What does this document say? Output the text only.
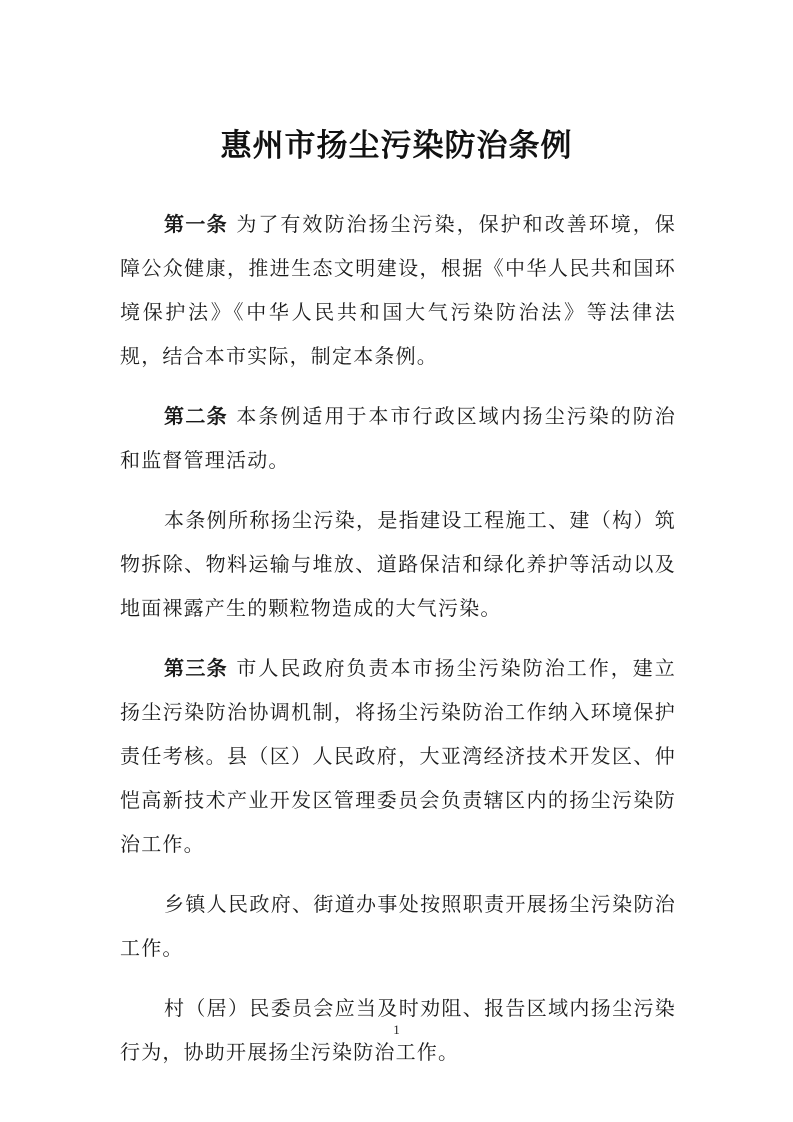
惠州市扬尘污染防治条例

第一条 为了有效防治扬尘污染，保护和改善环境，保障公众健康，推进生态文明建设，根据《中华人民共和国环境保护法》《中华人民共和国大气污染防治法》等法律法规，结合本市实际，制定本条例。

第二条 本条例适用于本市行政区域内扬尘污染的防治和监督管理活动。

本条例所称扬尘污染，是指建设工程施工、建（构）筑物拆除、物料运输与堆放、道路保洁和绿化养护等活动以及地面裸露产生的颗粒物造成的大气污染。

第三条 市人民政府负责本市扬尘污染防治工作，建立扬尘污染防治协调机制，将扬尘污染防治工作纳入环境保护责任考核。县（区）人民政府，大亚湾经济技术开发区、仲恺高新技术产业开发区管理委员会负责辖区内的扬尘污染防治工作。

乡镇人民政府、街道办事处按照职责开展扬尘污染防治工作。

村（居）民委员会应当及时劝阻、报告区域内扬尘污染行为，协助开展扬尘污染防治工作。

1
